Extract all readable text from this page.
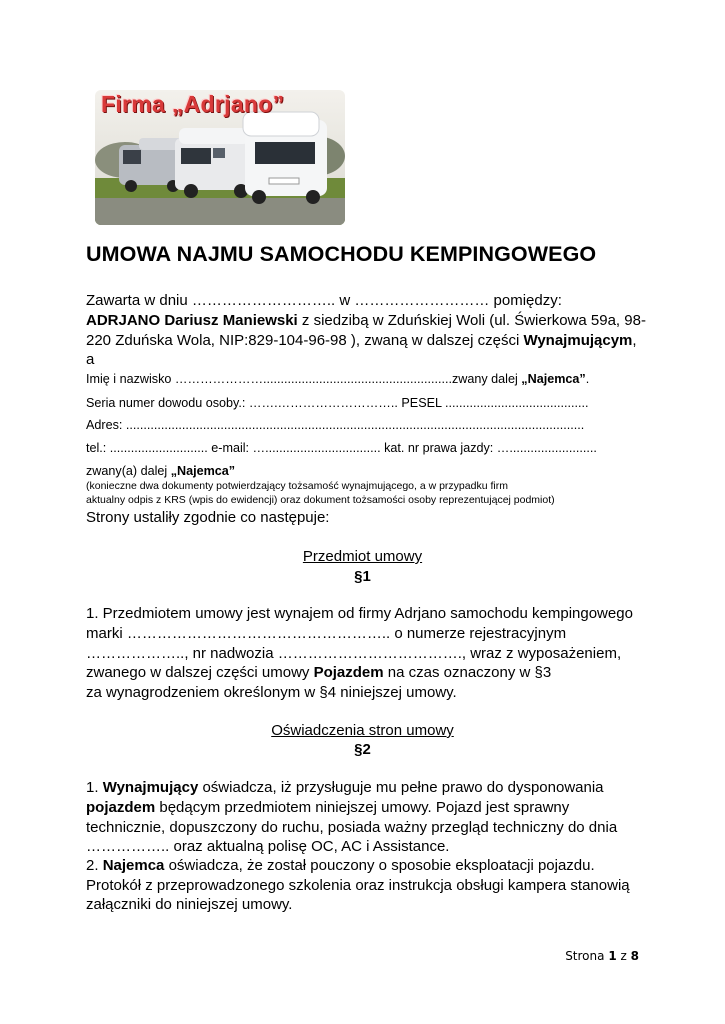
Firma „Adrjano”
UMOWA NAJMU SAMOCHODU KEMPINGOWEGO
Zawarta w dniu ……………………….. w ……………………… pomiędzy:
ADRJANO Dariusz Maniewski z siedzibą w Zduńskiej Woli (ul. Świerkowa 59a, 98-
220 Zduńska Wola, NIP:829-104-96-98 ), zwaną w dalszej części Wynajmującym,
a
Imię i nazwisko …………………......................................................zwany dalej „Najemca”.
Seria numer dowodu osoby.: …….……………………….. PESEL .........................................
Adres: ...................................................................................................................................
tel.: ............................ e-mail: …................................. kat. nr prawa jazdy: ….........................
zwany(a) dalej „Najemca”
(konieczne dwa dokumenty potwierdzający tożsamość wynajmującego, a w przypadku firm
aktualny odpis z KRS (wpis do ewidencji) oraz dokument tożsamości osoby reprezentującej podmiot)
Strony ustaliły zgodnie co następuje:
Przedmiot umowy
§1
1. Przedmiotem umowy jest wynajem od firmy Adrjano samochodu kempingowego
marki …………………………………………….. o numerze rejestracyjnym
……………….., nr nadwozia ………………………………., wraz z wyposażeniem,
zwanego w dalszej części umowy Pojazdem na czas oznaczony w §3
za wynagrodzeniem określonym w §4 niniejszej umowy.
Oświadczenia stron umowy
§2
1. Wynajmujący oświadcza, iż przysługuje mu pełne prawo do dysponowania
pojazdem będącym przedmiotem niniejszej umowy. Pojazd jest sprawny
technicznie, dopuszczony do ruchu, posiada ważny przegląd techniczny do dnia
…………….. oraz aktualną polisę OC, AC i Assistance.
2. Najemca oświadcza, że został pouczony o sposobie eksploatacji pojazdu.
Protokół z przeprowadzonego szkolenia oraz instrukcja obsługi kampera stanowią
załączniki do niniejszej umowy.
Strona 1 z 8
